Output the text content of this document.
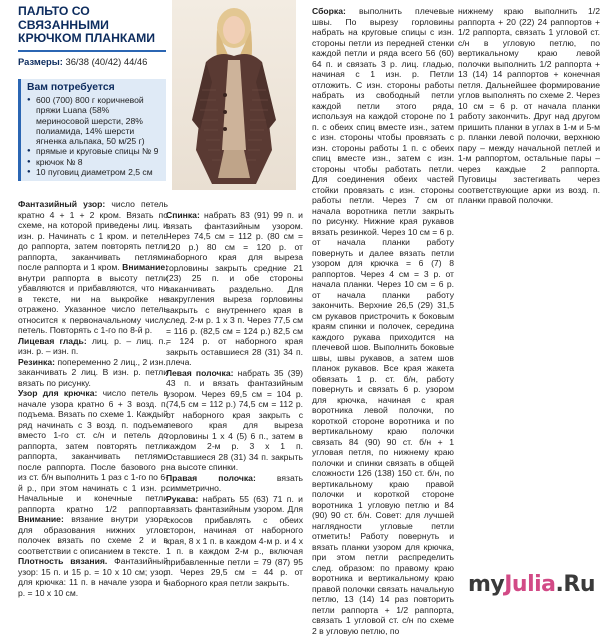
ПАЛЬТО СО СВЯЗАННЫМИ КРЮЧКОМ ПЛАНКАМИ
Размеры: 36/38 (40/42) 44/46
Вам потребуется
● 600 (700) 800 г коричневой пряжи Luana (58% мериносовой шерсти, 28% полиамида, 14% шерсти ягненка альпака, 50 м/25 г)
● прямые и круговые спицы № 9
● крючок № 8
● 10 пуговиц диаметром 2,5 см

Фантазийный узор: число петель кратно 4 + 1 + 2 кром. Вязать по схеме, на которой приведены лиц. и изн. р. Начинать с 1 кром. и петель до раппорта, затем повторять петли раппорта, заканчивать петлями после раппорта и 1 кром. Внимание: внутри раппорта в высоту петли убавляются и прибавляются, что ни в тексте, ни на выкройке не отражено. Указанное число петель относится к первоначальному числу петель. Повторять с 1-го по 8-й р.

Лицевая гладь: лиц. р. – лиц. п., изн. р. – изн. п.

Резинка: попеременно 2 лиц., 2 изн., заканчивать 2 лиц. В изн. р. петли вязать по рисунку.

Узор для крючка: число петель в начале узора кратно 6 + 3 возд. п. подъема. Вязать по схеме 1. Каждый ряд начинать с 3 возд. п. подъема вместо 1-го ст. с/н и петель до раппорта, затем повторять петли раппорта, заканчивать петлями после раппорта. После базового р. из ст. б/н выполнить 1 раз с 1-го по 6-й р., при этом начинать с 1 изн. р. Начальные и конечные петли раппорта кратно 1/2 раппорта. Внимание: вязание внутри узора для образования нижних углов полочек вязать по схеме 2 и в соответствии с описанием в тексте.

Плотность вязания. Фантазийный узор: 15 п. и 15 р. = 10 х 10 см; узор для крючка: 11 п. в начале узора и 6 р. = 10 х 10 см.

Спинка: набрать 83 (91) 99 п. и вязать фантазийным узором. Через 74,5 см = 112 р. (80 см = 120 р.) 80 см = 120 р. от наборного края для выреза горловины закрыть средние 21 (23) 25 п. и обе стороны заканчивать раздельно. Для закругления выреза горловины закрыть с внутреннего края в след. 2-м р. 1 x 3 п. Через 77,5 см = 116 р. (82,5 см = 124 р.) 82,5 см = 124 р. от наборного края закрыть оставшиеся 28 (31) 34 п. плеча.

Левая полочка: набрать 35 (39) 43 п. и вязать фантазийным узором. Через 69,5 см = 104 р. (74,5 см = 112 р.) 74,5 см = 112 р. от наборного края закрыть с левого края для выреза горловины 1 x 4 (5) 6 п., затем в каждом 2-м р. 3 x 1 п. Оставшиеся 28 (31) 34 п. закрыть на высоте спинки.

Правая полочка: вязать симметрично.

Рукава: набрать 55 (63) 71 п. и вязать фантазийным узором. Для скосов прибавлять с обеих сторон, начиная от наборного края, 8 x 1 п. в каждом 4-м р. и 4 x 1 п. в каждом 2-м р., включая прибавленные петли = 79 (87) 95 п. Через 29,5 см = 44 р. от наборного края петли закрыть.

Сборка: выполнить плечевые швы. По вырезу горловины набрать на круговые спицы с изн. стороны петли из передней стенки каждой петли и ряда всего 56 (60) 64 п. и связать 3 р. лиц. гладью, начиная с 1 изн. р. Петли отложить. С изн. стороны работы набрать из свободный петли каждой петли этого ряда, используя на каждой стороне по 1 п. с обеих спиц вместе изн., затем с изн. стороны чтобы провязать с изн. стороны работы 1 п. с обеих спиц вместе изн., затем с изн. стороны чтобы работать петли. Для соединения обеих частей стойки провязать с изн. стороны работы петли. Через 7 см от начала воротника петли закрыть по рисунку. Нижние края рукавов вязать резинкой. Через 10 см = 6 р. от начала планки работу повернуть и далее вязать петли узором для крючка = 6 (7) 8 раппортов. Через 4 см = 3 р. от начала планки. Через 10 см = 6 р. от начала планки работу закончить. Верхние 26,5 (29) 31,5 см рукавов пристрочить к боковым краям спинки и полочек, середина каждого рукава приходится на плечевой шов. Выполнить боковые швы, швы рукавов, а затем шов планок рукавов. Все края жакета обвязать 1 р. ст. б/н, работу повернуть и связать 6 р. узором для крючка, начиная с края воротника левой полочки, по короткой стороне воротника и по вертикальному краю полочки связать 84 (90) 90 ст. б/н + 1 угловая петля, по нижнему краю полочки и спинки связать в общей сложности 126 (138) 150 ст. б/н, по вертикальному краю правой полочки и короткой стороне воротника 1 угловую петлю и 84 (90) 90 ст. б/н. Совет: для лучшей наглядности угловые петли отметить! Работу повернуть и вязать планки узором для крючка, при этом петли распределить след. образом: по правому краю воротника и вертикальному краю правой полочки связать начальную петлю, 13 (14) 14 раз повторить петли раппорта + 1/2 раппорта, связать 1 угловой ст. с/н по схеме 2 в угловую петлю, по

нижнему краю выполнить 1/2 раппорта + 20 (22) 24 раппортов + 1/2 раппорта, связать 1 угловой ст. с/н в угловую петлю, по вертикальному краю левой полочки выполнить 1/2 раппорта + 13 (14) 14 раппортов + конечная петля. Дальнейшее формирование углов выполнять по схеме 2. Через 10 см = 6 р. от начала планки работу закончить. Друг над другом пришить планки в углах в 1-м и 5-м р. планки левой полочки, верхнюю пару – между начальной петлей и 1-м раппортом, остальные пары – через каждые 2 раппорта. Пуговицы застегивать через соответствующие арки из возд. п. планки правой полочки.

myJulia.Ru
